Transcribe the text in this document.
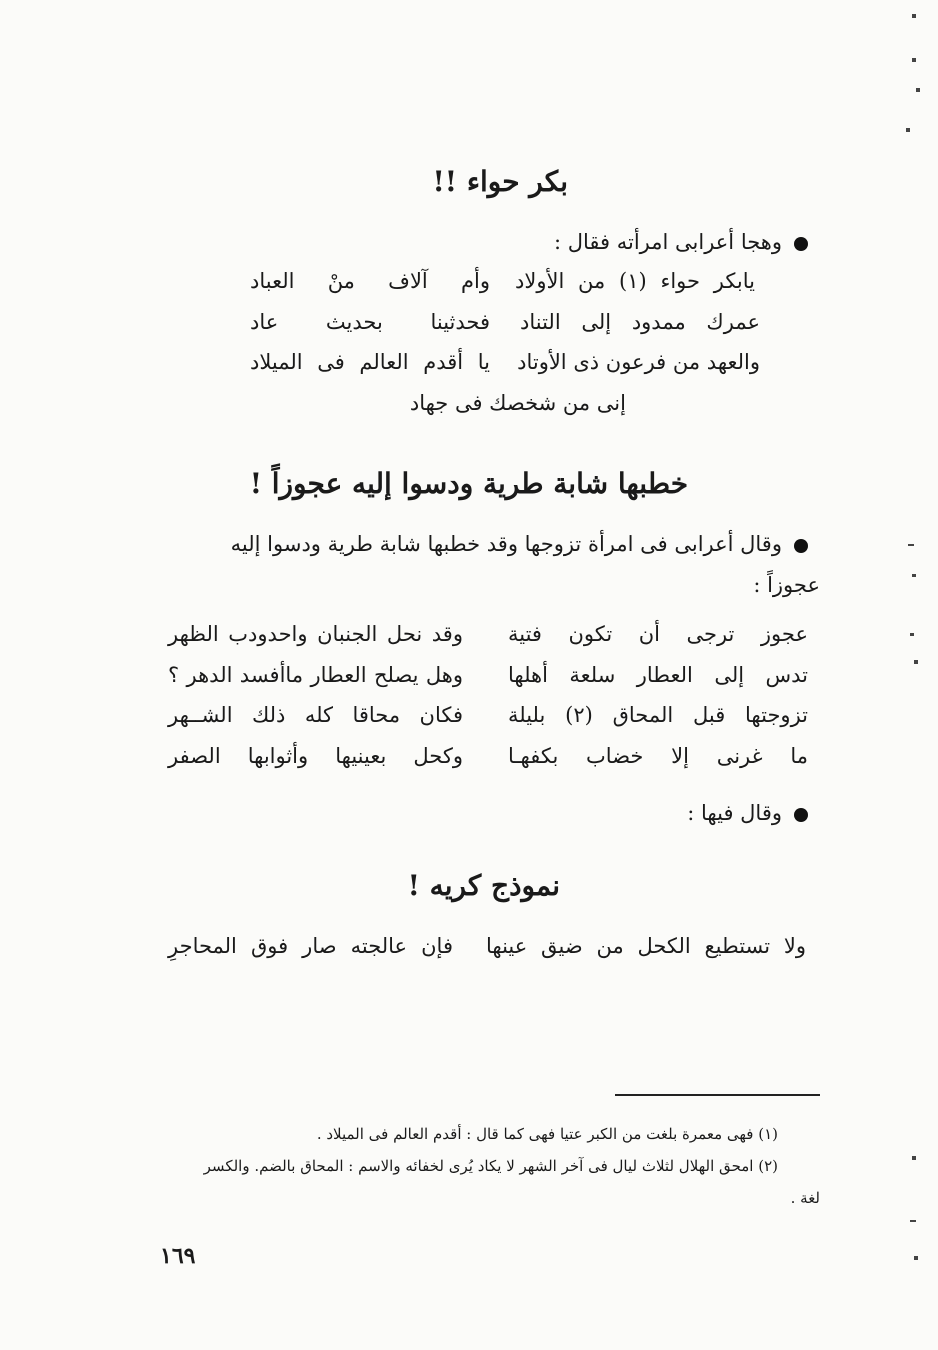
بكر حواء !!
وهجا أعرابى امرأته فقال :
يابكر حواء (١) من الأولاد
وأم آلاف منْ العباد
عمرك ممدود إلى التناد
فحدثينا بحديث عاد
والعهد من فرعون ذى الأوتاد
يا أقدم العالم فى الميلاد
إنى من شخصك فى جهاد
خطبها شابة طرية ودسوا إليه عجوزاً !
وقال أعرابى فى امرأة تزوجها وقد خطبها شابة طرية ودسوا إليه
عجوزاً :
عجوز ترجى أن تكون فتية
وقد نحل الجنبان واحدودب الظهر
تدس إلى العطار سلعة أهلها
وهل يصلح العطار ماأفسد الدهر ؟
تزوجتها قبل المحاق (٢) بليلة
فكان محاقا كله ذلك الشــهر
ما غرنى إلا خضاب بكفهـا
وكحل بعينيها وأثوابها الصفر
وقال فيها :
نموذج كريه !
ولا تستطيع الكحل من ضيق عينها
فإن عالجته صار فوق المحاجرِ
(١) فهى معمرة بلغت من الكبر عتيا فهى كما قال : أقدم العالم فى الميلاد .
(٢) امحق الهلال لثلاث ليال فى آخر الشهر لا يكاد يُرى لخفائه والاسم : المحاق بالضم. والكسر
لغة .
١٦٩
